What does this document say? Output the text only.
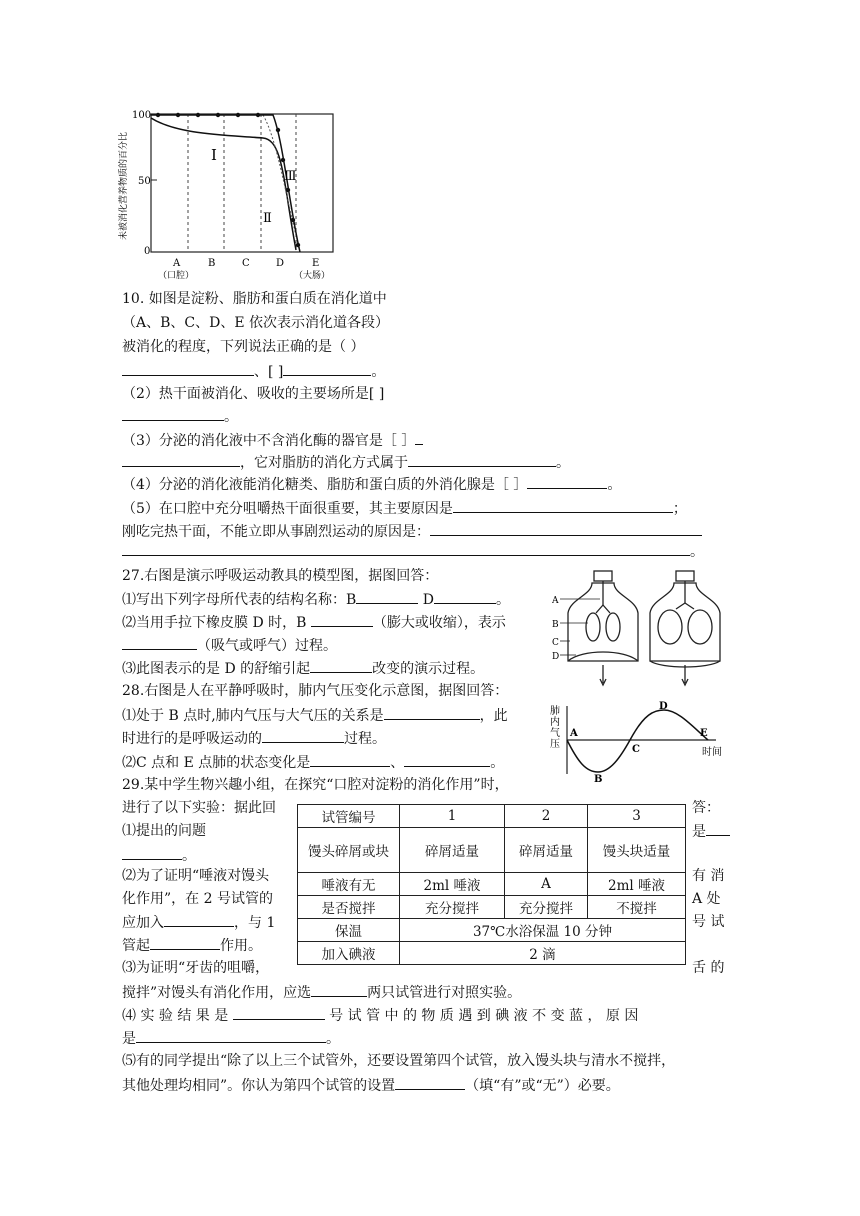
未被消化营养物质的百分比
100
50
0
A	B	C	D	E
（口腔）	（大肠）
Ⅰ
Ⅱ
Ⅲ
10. 如图是淀粉、脂肪和蛋白质在消化道中
（A、B、C、D、E 依次表示消化道各段）
被消化的程度，下列说法正确的是（ ）
、[ ]	。
（2）热干面被消化、吸收的主要场所是[ ]
。
（3）分泌的消化液中不含消化酶的器官是［ ］
，它对脂肪的消化方式属于	。
（4）分泌的消化液能消化糖类、脂肪和蛋白质的外消化腺是［ ］	。
（5）在口腔中充分咀嚼热干面很重要，其主要原因是	；
刚吃完热干面，不能立即从事剧烈运动的原因是：
。
27.右图是演示呼吸运动教具的模型图，据图回答：
⑴写出下列字母所代表的结构名称：B	D	。
⑵当用手拉下橡皮膜 D 时，B	（膨大或收缩），表示
（吸气或呼气）过程。
⑶此图表示的是 D 的舒缩引起	改变的演示过程。
A
B
C
D
28.右图是人在平静呼吸时，肺内气压变化示意图，据图回答：
⑴处于 B 点时,肺内气压与大气压的关系是	，此
时进行的是呼吸运动的	过程。
⑵C 点和 E 点肺的状态变化是	、	。
肺内气压
A
B
C
D
E
时间
29.某中学生物兴趣小组，在探究“口腔对淀粉的消化作用”时，
进行了以下实验：据此回	答：
⑴提出的问题	是
。
⑵为了证明“唾液对馒头	有 消
化作用”，在 2 号试管的	A 处
应加入	，与 1	号 试
管起	作用。
⑶为证明“牙齿的咀嚼，	舌 的
搅拌”对馒头有消化作用，应选	两只试管进行对照实验。
⑷ 实 验 结 果 是	号 试 管 中 的 物 质 遇 到 碘 液 不 变 蓝 ， 原 因
是	。
⑸有的同学提出“除了以上三个试管外，还要设置第四个试管，放入馒头块与清水不搅拌，
其他处理均相同”。你认为第四个试管的设置	（填“有”或“无”）必要。
试管编号	1	2	3
馒头碎屑或块	碎屑适量	碎屑适量	馒头块适量
唾液有无	2ml 唾液	A	2ml 唾液
是否搅拌	充分搅拌	充分搅拌	不搅拌
保温	37℃水浴保温 10 分钟		
加入碘液	2 滴		
